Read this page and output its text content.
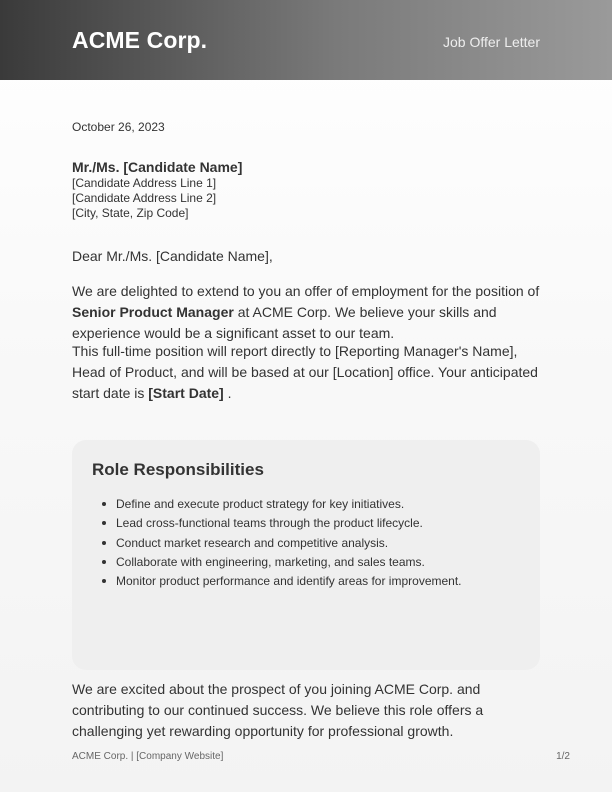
ACME Corp.	Job Offer Letter
October 26, 2023
Mr./Ms. [Candidate Name]
[Candidate Address Line 1]
[Candidate Address Line 2]
[City, State, Zip Code]
Dear Mr./Ms. [Candidate Name],

We are delighted to extend to you an offer of employment for the position of Senior Product Manager at ACME Corp. We believe your skills and experience would be a significant asset to our team.

This full-time position will report directly to [Reporting Manager's Name], Head of Product, and will be based at our [Location] office. Your anticipated start date is [Start Date] .

Role Responsibilities
Define and execute product strategy for key initiatives.
Lead cross-functional teams through the product lifecycle.
Conduct market research and competitive analysis.
Collaborate with engineering, marketing, and sales teams.
Monitor product performance and identify areas for improvement.

We are excited about the prospect of you joining ACME Corp. and contributing to our continued success. We believe this role offers a challenging yet rewarding opportunity for professional growth.

ACME Corp. | [Company Website]	1/2
